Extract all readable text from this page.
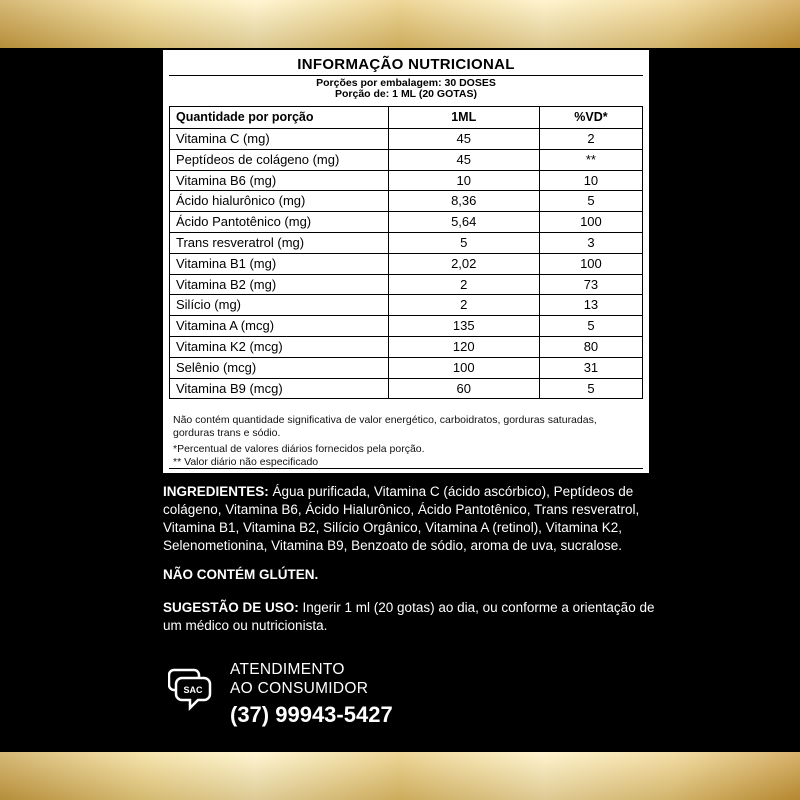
INFORMAÇÃO NUTRICIONAL
Porções por embalagem: 30 DOSES
Porção de: 1 ML (20 GOTAS)
Quantidade por porção	1ML	%VD*
Vitamina C (mg)	45	2
Peptídeos de colágeno (mg)	45	**
Vitamina B6 (mg)	10	10
Ácido hialurônico (mg)	8,36	5
Ácido Pantotênico (mg)	5,64	100
Trans resveratrol (mg)	5	3
Vitamina B1 (mg)	2,02	100
Vitamina B2 (mg)	2	73
Silício (mg)	2	13
Vitamina A (mcg)	135	5
Vitamina K2 (mcg)	120	80
Selênio (mcg)	100	31
Vitamina B9 (mcg)	60	5

Não contém quantidade significativa de valor energético, carboidratos, gorduras saturadas, gorduras trans e sódio.

*Percentual de valores diários fornecidos pela porção.

** Valor diário não especificado

INGREDIENTES: Água purificada, Vitamina C (ácido ascórbico), Peptídeos de colágeno, Vitamina B6, Ácido Hialurônico, Ácido Pantotênico, Trans resveratrol, Vitamina B1, Vitamina B2, Silício Orgânico, Vitamina A (retinol), Vitamina K2, Selenometionina, Vitamina B9, Benzoato de sódio, aroma de uva, sucralose.
NÃO CONTÉM GLÚTEN.
SUGESTÃO DE USO: Ingerir 1 ml (20 gotas) ao dia, ou conforme a orientação de um médico ou nutricionista.
SAC
ATENDIMENTO
AO CONSUMIDOR
(37) 99943-5427
